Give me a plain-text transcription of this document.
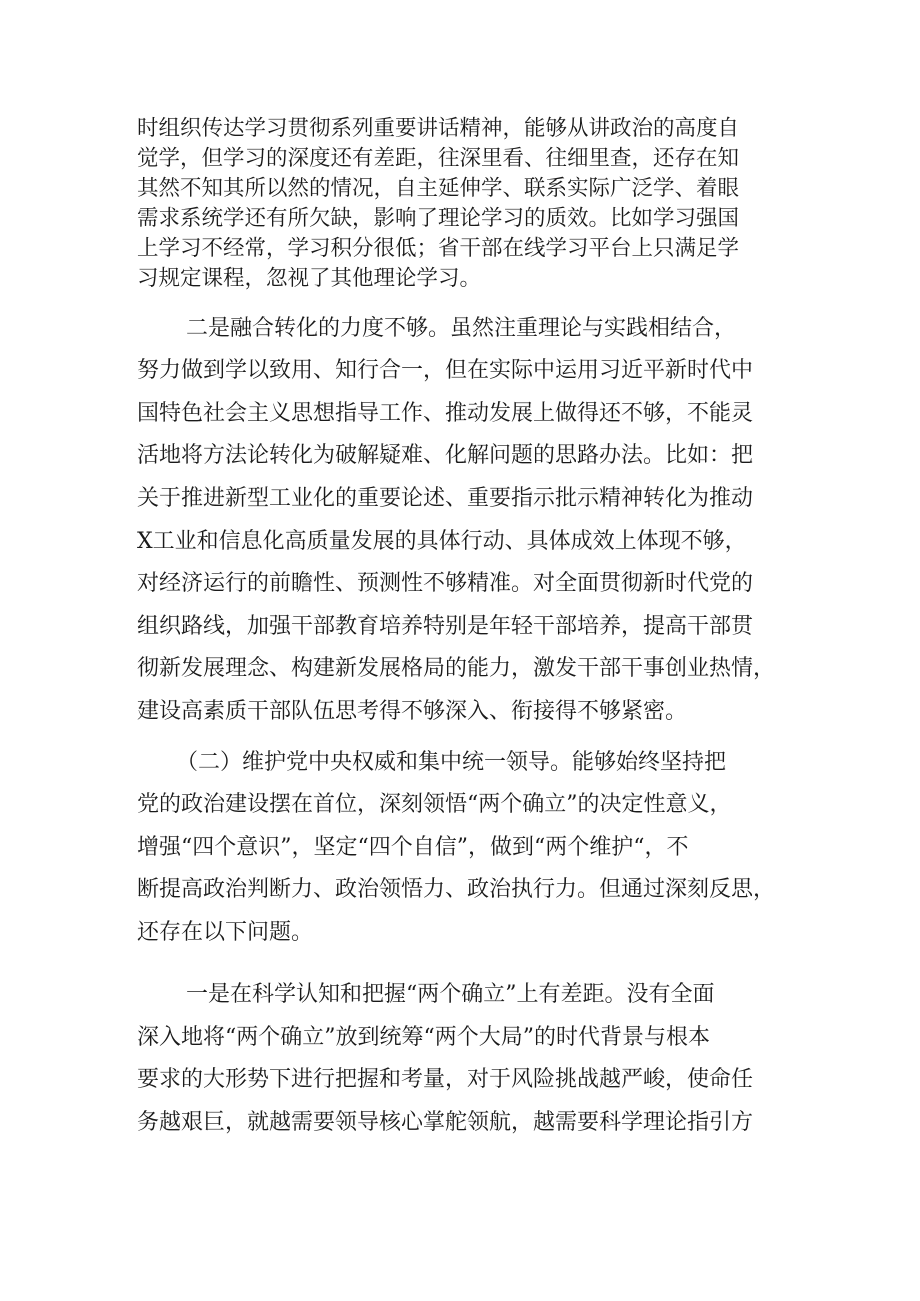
时组织传达学习贯彻系列重要讲话精神，能够从讲政治的高度自
觉学，但学习的深度还有差距，往深里看、往细里查，还存在知
其然不知其所以然的情况，自主延伸学、联系实际广泛学、着眼
需求系统学还有所欠缺，影响了理论学习的质效。比如学习强国
上学习不经常，学习积分很低；省干部在线学习平台上只满足学
习规定课程，忽视了其他理论学习。
二是融合转化的力度不够。虽然注重理论与实践相结合，
努力做到学以致用、知行合一，但在实际中运用习近平新时代中
国特色社会主义思想指导工作、推动发展上做得还不够，不能灵
活地将方法论转化为破解疑难、化解问题的思路办法。比如：把
关于推进新型工业化的重要论述、重要指示批示精神转化为推动
X工业和信息化高质量发展的具体行动、具体成效上体现不够，
对经济运行的前瞻性、预测性不够精准。对全面贯彻新时代党的
组织路线，加强干部教育培养特别是年轻干部培养，提高干部贯
彻新发展理念、构建新发展格局的能力，激发干部干事创业热情，
建设高素质干部队伍思考得不够深入、衔接得不够紧密。
（二）维护党中央权威和集中统一领导。能够始终坚持把
党的政治建设摆在首位，深刻领悟“两个确立”的决定性意义，
增强“四个意识”，坚定“四个自信”，做到“两个维护“，不
断提高政治判断力、政治领悟力、政治执行力。但通过深刻反思，
还存在以下问题。
一是在科学认知和把握“两个确立”上有差距。没有全面
深入地将“两个确立”放到统筹“两个大局”的时代背景与根本
要求的大形势下进行把握和考量，对于风险挑战越严峻，使命任
务越艰巨，就越需要领导核心掌舵领航，越需要科学理论指引方
